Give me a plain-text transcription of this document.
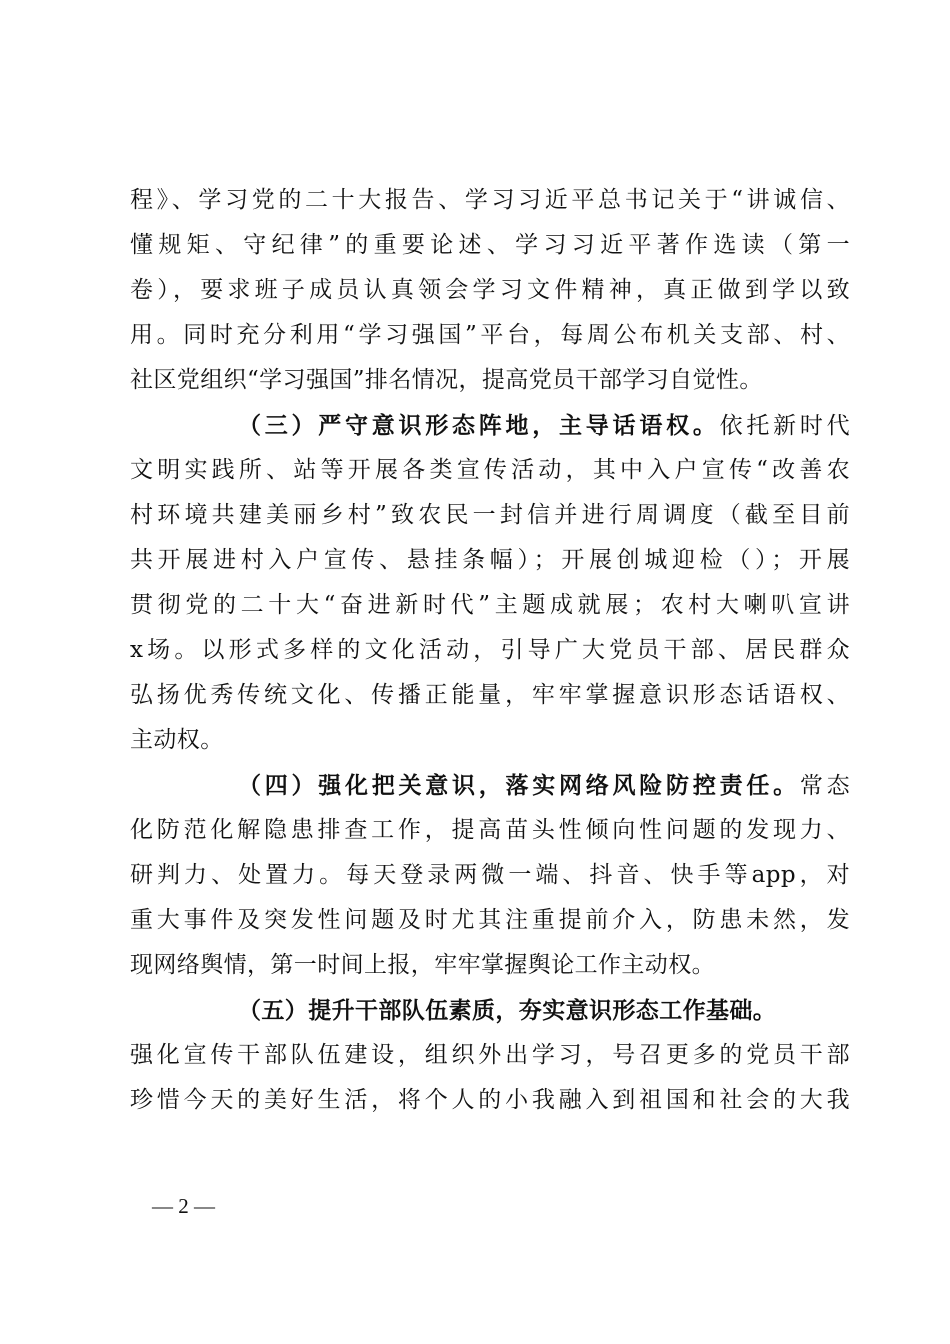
程》、学习党的二十大报告、学习习近平总书记关于“讲诚信、
懂规矩、守纪律”的重要论述、学习习近平著作选读（第一
卷），要求班子成员认真领会学习文件精神，真正做到学以致
用。同时充分利用“学习强国”平台，每周公布机关支部、村、
社区党组织“学习强国”排名情况，提高党员干部学习自觉性。
（三）严守意识形态阵地，主导话语权。依托新时代
文明实践所、站等开展各类宣传活动，其中入户宣传“改善农
村环境共建美丽乡村”致农民一封信并进行周调度（截至目前
共开展进村入户宣传、悬挂条幅）；开展创城迎检（）；开展
贯彻党的二十大“奋进新时代”主题成就展；农村大喇叭宣讲
x场。以形式多样的文化活动，引导广大党员干部、居民群众
弘扬优秀传统文化、传播正能量，牢牢掌握意识形态话语权、
主动权。
（四）强化把关意识，落实网络风险防控责任。常态
化防范化解隐患排查工作，提高苗头性倾向性问题的发现力、
研判力、处置力。每天登录两微一端、抖音、快手等app，对
重大事件及突发性问题及时尤其注重提前介入，防患未然，发
现网络舆情，第一时间上报，牢牢掌握舆论工作主动权。
（五）提升干部队伍素质，夯实意识形态工作基础。
强化宣传干部队伍建设，组织外出学习，号召更多的党员干部
珍惜今天的美好生活，将个人的小我融入到祖国和社会的大我
— 2 —
